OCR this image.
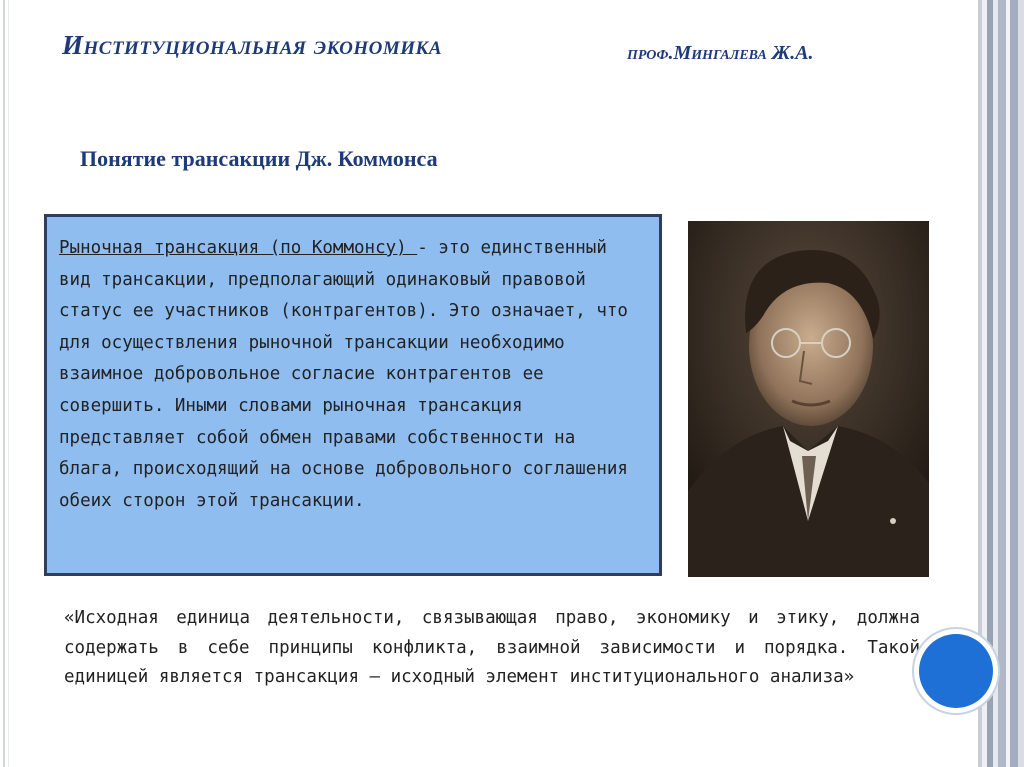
Институциональная экономика	проф.Мингалева Ж.А.
Понятие трансакции Дж. Коммонса
Рыночная трансакция (по Коммонсу) - это единственный вид трансакции, предполагающий одинаковый правовой статус ее участников (контрагентов). Это означает, что для осуществления рыночной трансакции необходимо взаимное добровольное согласие контрагентов ее совершить. Иными словами рыночная трансакция представляет собой обмен правами собственности на блага, происходящий на основе добровольного соглашения обеих сторон этой трансакции.
«Исходная единица деятельности, связывающая право, экономику и этику, должна содержать в себе принципы конфликта, взаимной зависимости и порядка. Такой единицей является трансакция – исходный элемент институционального анализа»
